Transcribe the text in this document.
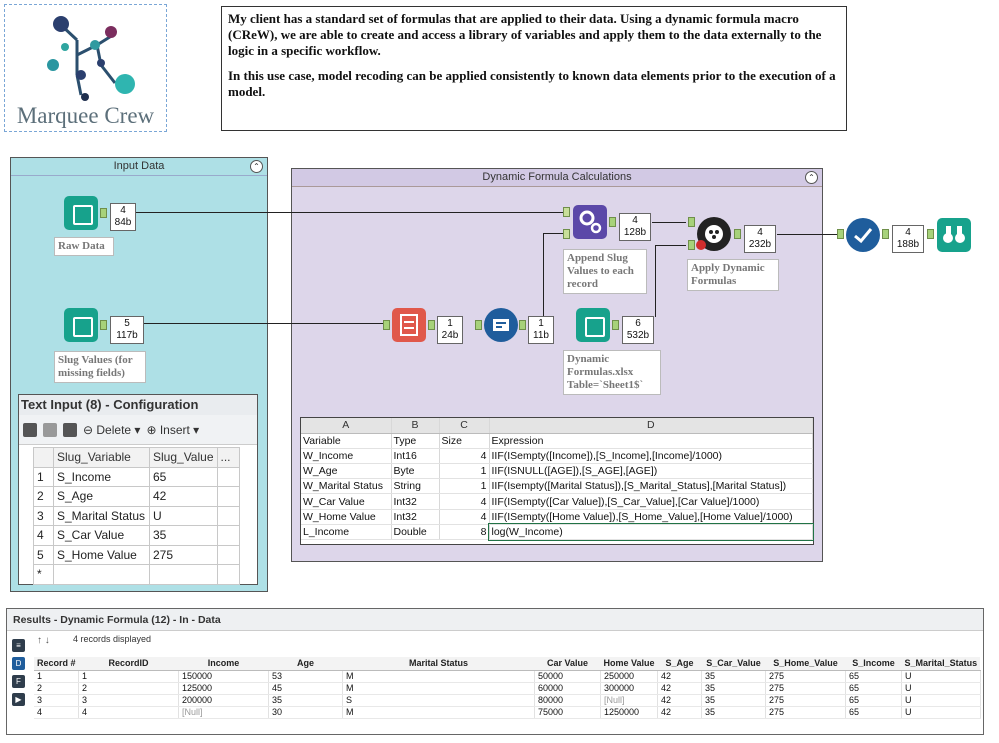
Marquee Crew

My client has a standard set of formulas that are applied to their data. Using a dynamic formula macro (CReW), we are able to create and access a library of variables and apply them to the data externally to the logic in a specific workflow.

In this use case, model recoding can be applied consistently to known data elements prior to the execution of a model.

Input Data	⌃
Dynamic Formula Calculations	⌃
4
84b
Raw Data
5
117b
Slug Values (for missing fields)
1
24b
1
11b
4
128b
Append Slug Values to each record
6
532b
Dynamic Formulas.xlsx Table=`Sheet1$`
4
232b
Apply Dynamic Formulas
4
188b
Text Input (8) - Configuration
⊖ Delete ▾ ⊕ Insert ▾
	Slug_Variable	Slug_Value	...
1	S_Income	65	
2	S_Age	42	
3	S_Marital Status	U	
4	S_Car Value	35	
5	S_Home Value	275	
*			
A	B	C	D
Variable	Type	Size	Expression
W_Income	Int16	4	IIF(ISempty([Income]),[S_Income],[Income]/1000)
W_Age	Byte	1	IIF(ISNULL([AGE]),[S_AGE],[AGE])
W_Marital Status	String	1	IIF(Isempty([Marital Status]),[S_Marital_Status],[Marital Status])
W_Car Value	Int32	4	IIF(ISempty([Car Value]),[S_Car_Value],[Car Value]/1000)
W_Home Value	Int32	4	IIF(ISempty([Home Value]),[S_Home_Value],[Home Value]/1000)
L_Income	Double	8	log(W_Income)
Results - Dynamic Formula (12) - In - Data
4 records displayed
↑ ↓
≡
D
F
▶
Record #	RecordID	Income	Age	Marital Status	Car Value	Home Value	S_Age	S_Car_Value	S_Home_Value	S_Income	S_Marital_Status
1	1	150000	53	M	50000	250000	42	35	275	65	U
2	2	125000	45	M	60000	300000	42	35	275	65	U
3	3	200000	35	S	80000	[Null]	42	35	275	65	U
4	4	[Null]	30	M	75000	1250000	42	35	275	65	U
